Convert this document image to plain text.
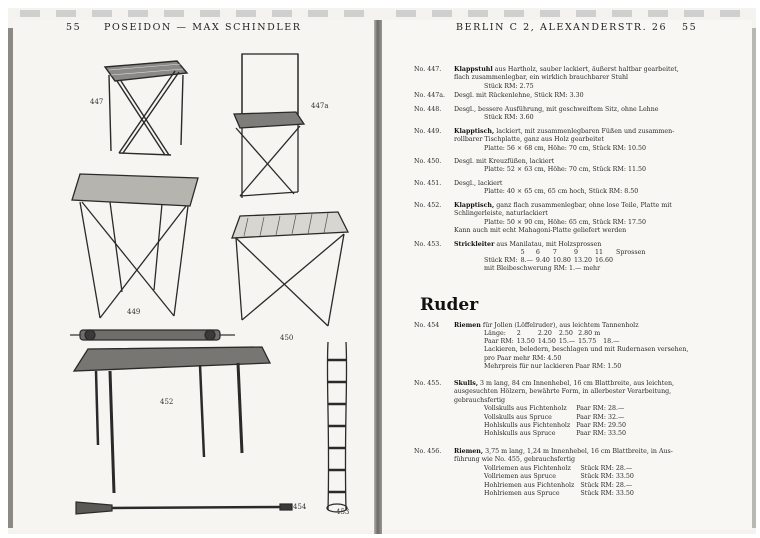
55 POSEIDON — MAX SCHINDLER	BERLIN C 2, ALEXANDERSTR. 26 55
447	447a
449
450
452
454
453
No. 447.	Klappstuhl aus Hartholz, sauber lackiert, äußerst haltbar gearbeitet,
flach zusammenlegbar, ein wirklich brauchbarer Stuhl
Stück RM: 2.75
No. 447a.	Desgl. mit Rückenlehne, Stück RM: 3.30
No. 448.	Desgl., bessere Ausführung, mit geschweiftem Sitz, ohne Lehne
Stück RM: 3.60
No. 449.	Klapptisch, lackiert, mit zusammenlegbaren Füßen und zusammen-
rollbarer Tischplatte, ganz aus Holz gearbeitet
Platte: 56 × 68 cm, Höhe: 70 cm, Stück RM: 10.50
No. 450.	Desgl. mit Kreuzfüßen, lackiert
Platte: 52 × 63 cm, Höhe: 70 cm, Stück RM: 11.50
No. 451.	Desgl., lackiert
Platte: 40 × 65 cm, 65 cm hoch, Stück RM: 8.50
No. 452.	Klapptisch, ganz flach zusammenlegbar, ohne lose Teile, Platte mit
Schlingerleiste, naturlackiert
Platte: 50 × 90 cm, Höhe: 65 cm, Stück RM: 17.50
Kann auch mit echt Mahagoni-Platte geliefert werden
No. 453.	Strickleiter aus Manilatau, mit Holzsprossen
	5	6	7	9	11	Sprossen
Stück RM:	8.—	9.40	10.80	13.20	16.60	
mit Bleibeschwerung RM: 1.— mehr
Ruder
No. 454	Riemen für Jollen (Löffelruder), aus leichtem Tannenholz
Länge:	2	2.20	2.50	2.80 m	
Paar RM:	13.50	14.50	15.—	15.75	18.—
Lackieren, beledern, beschlagen und mit Rudernasen versehen,
pro Paar mehr RM: 4.50
Mehrpreis für nur lackieren Paar RM: 1.50
No. 455.	Skulls, 3 m lang, 84 cm Innenhebel, 16 cm Blattbreite, aus leichten,
ausgesuchten Hölzern, bewährte Form, in allerbester Verarbeitung,
gebrauchsfertig
Vollskulls aus Fichtenholz	Paar RM: 28.—
Vollskulls aus Spruce	Paar RM: 32.—
Hohlskulls aus Fichtenholz	Paar RM: 29.50
Hohlskulls aus Spruce	Paar RM: 33.50
No. 456.	Riemen, 3,75 m lang, 1,24 m Innenhebel, 16 cm Blattbreite, in Aus-
führung wie No. 455, gebrauchsfertig
Vollriemen aus Fichtenholz	Stück RM: 28.—
Vollriemen aus Spruce	Stück RM: 33.50
Hohlriemen aus Fichtenholz	Stück RM: 28.—
Hohlriemen aus Spruce	Stück RM: 33.50
